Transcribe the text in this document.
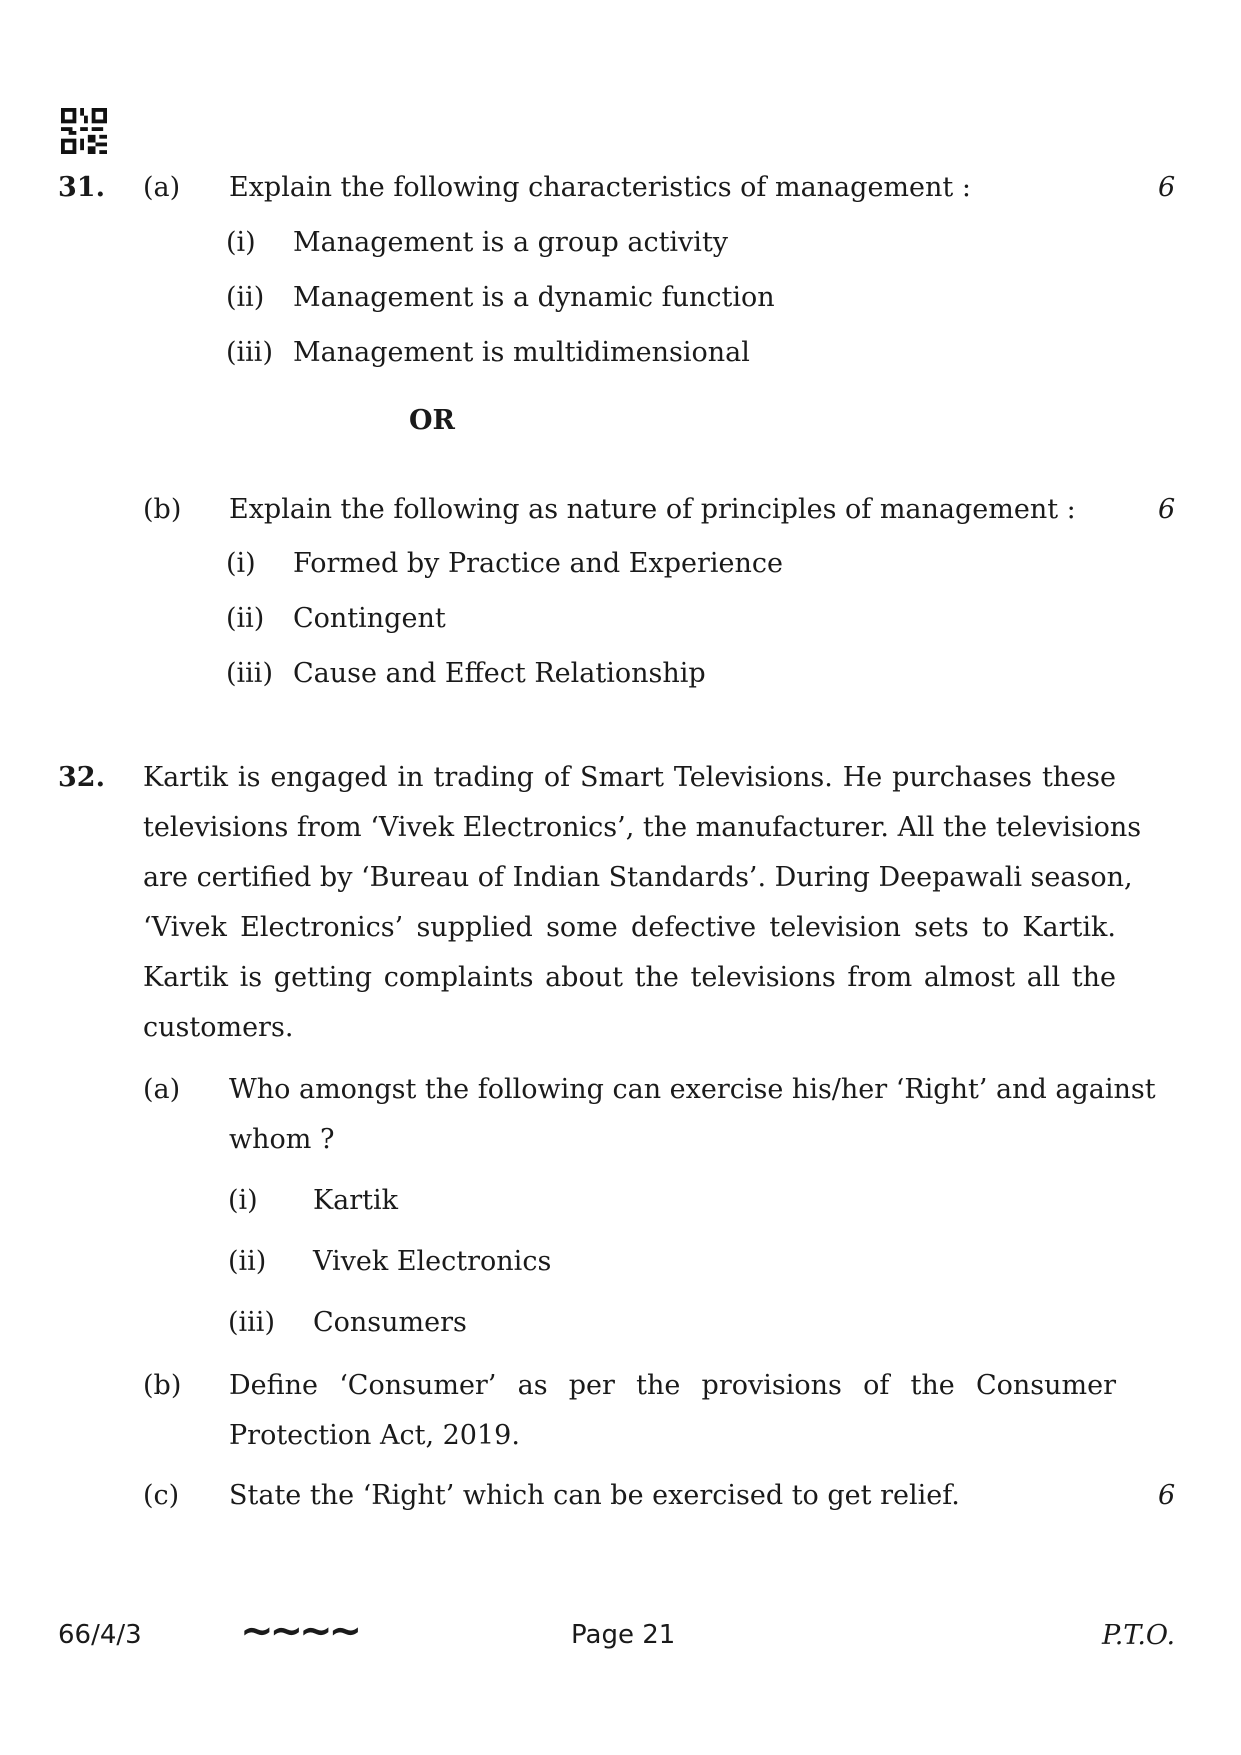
31. (a) Explain the following characteristics of management :	6
(i) Management is a group activity
(ii) Management is a dynamic function
(iii) Management is multidimensional
OR
(b) Explain the following as nature of principles of management :	6
(i) Formed by Practice and Experience
(ii) Contingent
(iii) Cause and Effect Relationship
32. Kartik is engaged in trading of Smart Televisions. He purchases these
televisions from ‘Vivek Electronics’, the manufacturer. All the televisions
are certified by ‘Bureau of Indian Standards’. During Deepawali season,
‘Vivek Electronics’ supplied some defective television sets to Kartik.
Kartik is getting complaints about the televisions from almost all the
customers.
(a) Who amongst the following can exercise his/her ‘Right’ and against
whom ?
(i) Kartik
(ii) Vivek Electronics
(iii) Consumers
(b) Define ‘Consumer’ as per the provisions of the Consumer
Protection Act, 2019.
(c) State the ‘Right’ which can be exercised to get relief.	6
66/4/3 ∼∼∼∼	Page 21	P.T.O.
